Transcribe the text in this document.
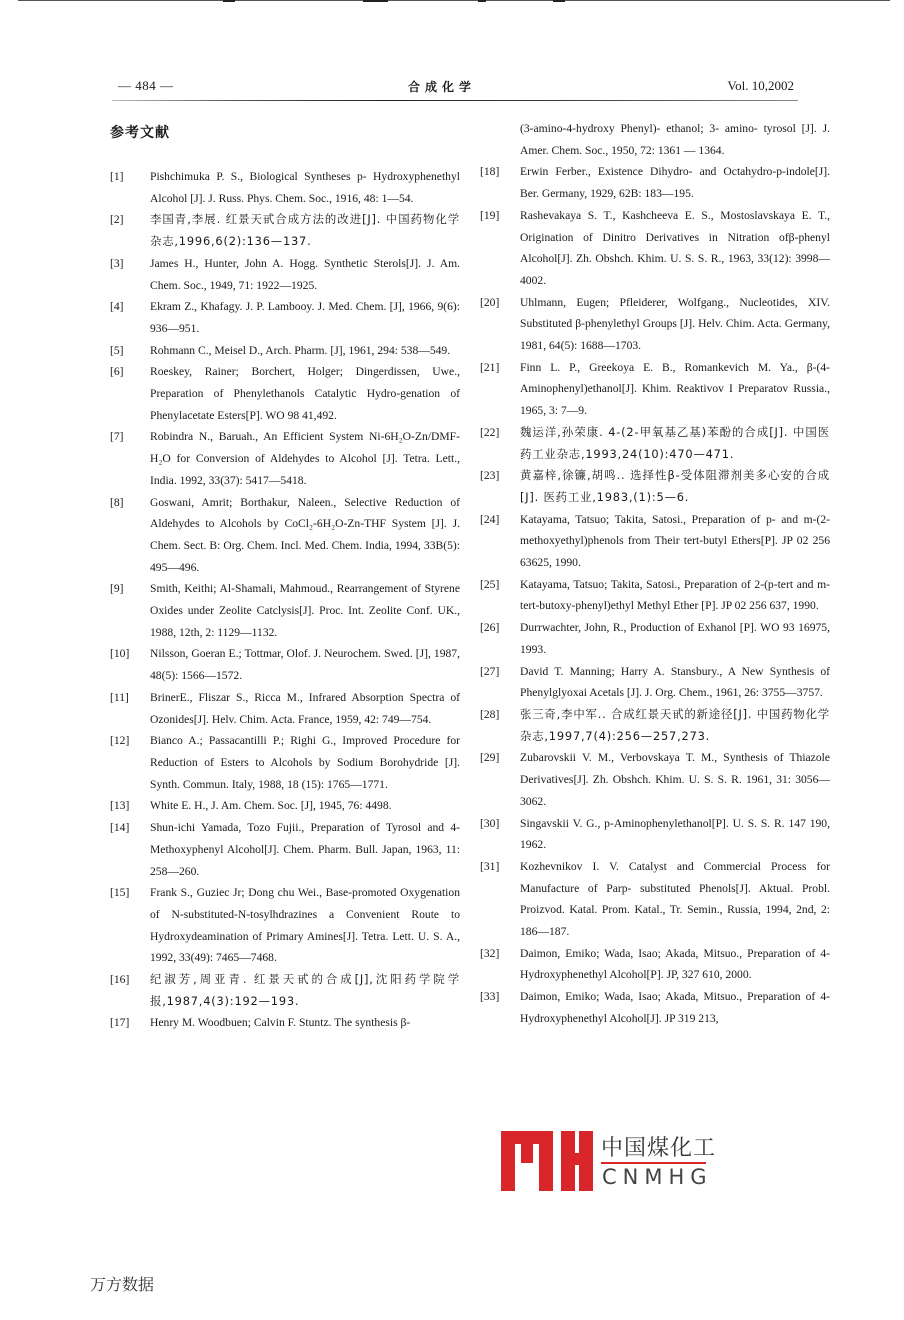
— 484 —	合成化学	Vol. 10,2002
参考文献
[1] Pishchimuka P. S., Biological Syntheses p- Hydroxyphenethyl Alcohol [J]. J. Russ. Phys. Chem. Soc., 1916, 48: 1—54.
[2] 李国青,李展. 红景天甙合成方法的改进[J]. 中国药物化学杂志,1996,6(2):136—137.
[3] James H., Hunter, John A. Hogg. Synthetic Sterols[J]. J. Am. Chem. Soc., 1949, 71: 1922—1925.
[4] Ekram Z., Khafagy. J. P. Lambooy. J. Med. Chem. [J], 1966, 9(6): 936—951.
[5] Rohmann C., Meisel D., Arch. Pharm. [J], 1961, 294: 538—549.
[6] Roeskey, Rainer; Borchert, Holger; Dingerdissen, Uwe., Preparation of Phenylethanols Catalytic Hydro-genation of Phenylacetate Esters[P]. WO 98 41,492.
[7] Robindra N., Baruah., An Efficient System Ni-6H₂O-Zn/DMF-H₂O for Conversion of Aldehydes to Alcohol [J]. Tetra. Lett., India. 1992, 33(37): 5417—5418.
[8] Goswani, Amrit; Borthakur, Naleen., Selective Reduction of Aldehydes to Alcohols by CoCl₂-6H₂O-Zn-THF System [J]. J. Chem. Sect. B: Org. Chem. Incl. Med. Chem. India, 1994, 33B(5): 495—496.
[9] Smith, Keithi; Al-Shamali, Mahmoud., Rearrangement of Styrene Oxides under Zeolite Catclysis[J]. Proc. Int. Zeolite Conf. UK., 1988, 12th, 2: 1129—1132.
[10] Nilsson, Goeran E.; Tottmar, Olof. J. Neurochem. Swed. [J], 1987, 48(5): 1566—1572.
[11] BrinerE., Fliszar S., Ricca M., Infrared Absorption Spectra of Ozonides[J]. Helv. Chim. Acta. France, 1959, 42: 749—754.
[12] Bianco A.; Passacantilli P.; Righi G., Improved Procedure for Reduction of Esters to Alcohols by Sodium Borohydride [J]. Synth. Commun. Italy, 1988, 18 (15): 1765—1771.
[13] White E. H., J. Am. Chem. Soc. [J], 1945, 76: 4498.
[14] Shun-ichi Yamada, Tozo Fujii., Preparation of Tyrosol and 4-Methoxyphenyl Alcohol[J]. Chem. Pharm. Bull. Japan, 1963, 11: 258—260.
[15] Frank S., Guziec Jr; Dong chu Wei., Base-promoted Oxygenation of N-substituted-N-tosylhdrazines a Convenient Route to Hydroxydeamination of Primary Amines[J]. Tetra. Lett. U. S. A., 1992, 33(49): 7465—7468.
[16] 纪淑芳,周亚青. 红景天甙的合成[J],沈阳药学院学报,1987,4(3):192—193.
[17] Henry M. Woodbuen; Calvin F. Stuntz. The synthesis β-
(3-amino-4-hydroxy Phenyl)- ethanol; 3- amino- tyrosol [J]. J. Amer. Chem. Soc., 1950, 72: 1361 — 1364.
[18] Erwin Ferber., Existence Dihydro- and Octahydro-p-indole[J]. Ber. Germany, 1929, 62B: 183—195.
[19] Rashevakaya S. T., Kashcheeva E. S., Mostoslavskaya E. T., Origination of Dinitro Derivatives in Nitration ofβ-phenyl Alcohol[J]. Zh. Obshch. Khim. U. S. S. R., 1963, 33(12): 3998—4002.
[20] Uhlmann, Eugen; Pfleiderer, Wolfgang., Nucleotides, XIV. Substituted β-phenylethyl Groups [J]. Helv. Chim. Acta. Germany, 1981, 64(5): 1688—1703.
[21] Finn L. P., Greekoya E. B., Romankevich M. Ya., β-(4-Aminophenyl)ethanol[J]. Khim. Reaktivov I Preparatov Russia., 1965, 3: 7—9.
[22] 魏运洋,孙荣康. 4-(2-甲氧基乙基)苯酚的合成[J]. 中国医药工业杂志,1993,24(10):470—471.
[23] 黄嘉梓,徐镰,胡鸣.. 选择性β-受体阻滞剂美多心安的合成[J]. 医药工业,1983,(1):5—6.
[24] Katayama, Tatsuo; Takita, Satosi., Preparation of p- and m-(2-methoxyethyl)phenols from Their tert-butyl Ethers[P]. JP 02 256 63625, 1990.
[25] Katayama, Tatsuo; Takita, Satosi., Preparation of 2-(p-tert and m-tert-butoxy-phenyl)ethyl Methyl Ether [P]. JP 02 256 637, 1990.
[26] Durrwachter, John, R., Production of Exhanol [P]. WO 93 16975, 1993.
[27] David T. Manning; Harry A. Stansbury., A New Synthesis of Phenylglyoxai Acetals [J]. J. Org. Chem., 1961, 26: 3755—3757.
[28] 张三奇,李中军.. 合成红景天甙的新途径[J]. 中国药物化学杂志,1997,7(4):256—257,273.
[29] Zubarovskii V. M., Verbovskaya T. M., Synthesis of Thiazole Derivatives[J]. Zh. Obshch. Khim. U. S. S. R. 1961, 31: 3056—3062.
[30] Singavskii V. G., p-Aminophenylethanol[P]. U. S. S. R. 147 190, 1962.
[31] Kozhevnikov I. V. Catalyst and Commercial Process for Manufacture of Parp- substituted Phenols[J]. Aktual. Probl. Proizvod. Katal. Prom. Katal., Tr. Semin., Russia, 1994, 2nd, 2: 186—187.
[32] Daimon, Emiko; Wada, Isao; Akada, Mitsuo., Preparation of 4-Hydroxyphenethyl Alcohol[P]. JP, 327 610, 2000.
[33] Daimon, Emiko; Wada, Isao; Akada, Mitsuo., Preparation of 4-Hydroxyphenethyl Alcohol[J]. JP 319 213,
中国煤化工
CNMHG
万方数据
